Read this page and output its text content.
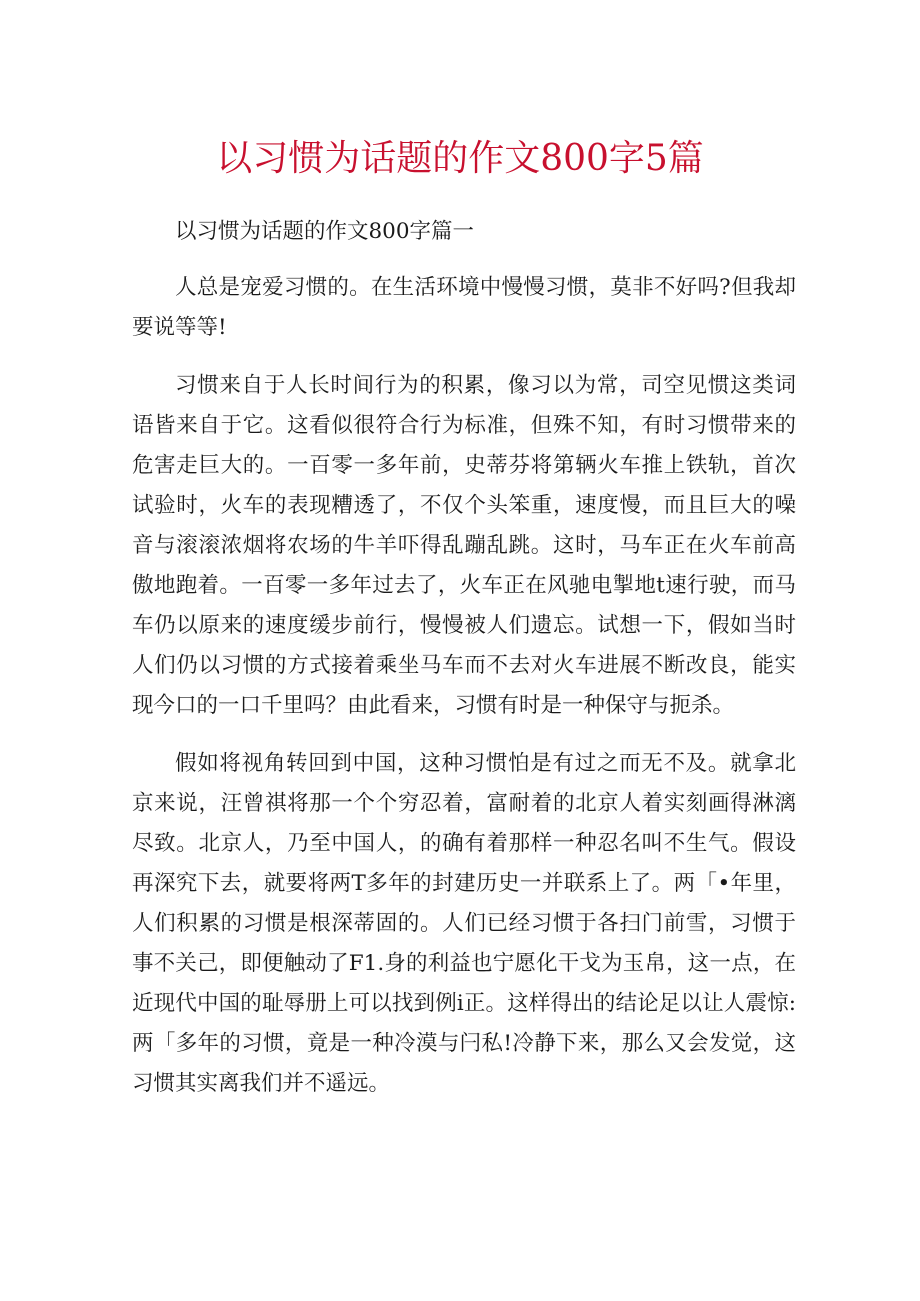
以习惯为话题的作文800字5篇

以习惯为话题的作文800字篇一

人总是宠爱习惯的。在生活环境中慢慢习惯，莫非不好吗?但我却要说等等!

习惯来自于人长时间行为的积累，像习以为常，司空见惯这类词语皆来自于它。这看似很符合行为标准，但殊不知，有时习惯带来的危害走巨大的。一百零一多年前，史蒂芬将第辆火车推上铁轨，首次试验时，火车的表现糟透了，不仅个头笨重，速度慢，而且巨大的噪音与滚滚浓烟将农场的牛羊吓得乱蹦乱跳。这时，马车正在火车前高傲地跑着。一百零一多年过去了，火车正在风驰电掣地t速行驶，而马车仍以原来的速度缓步前行，慢慢被人们遗忘。试想一下，假如当时人们仍以习惯的方式接着乘坐马车而不去对火车进展不断改良，能实现今口的一口千里吗？由此看来，习惯有时是一种保守与扼杀。

假如将视角转回到中国，这种习惯怕是有过之而无不及。就拿北京来说，汪曾祺将那一个个穷忍着，富耐着的北京人着实刻画得淋漓尽致。北京人，乃至中国人，的确有着那样一种忍名叫不生气。假设再深究下去，就要将两T多年的封建历史一并联系上了。两「•年里，人们积累的习惯是根深蒂固的。人们已经习惯于各扫门前雪，习惯于事不关己，即便触动了F1.身的利益也宁愿化干戈为玉帛，这一点，在近现代中国的耻辱册上可以找到例i正。这样得出的结论足以让人震惊:两「多年的习惯，竟是一种冷漠与闩私!冷静下来，那么又会发觉，这习惯其实离我们并不遥远。
